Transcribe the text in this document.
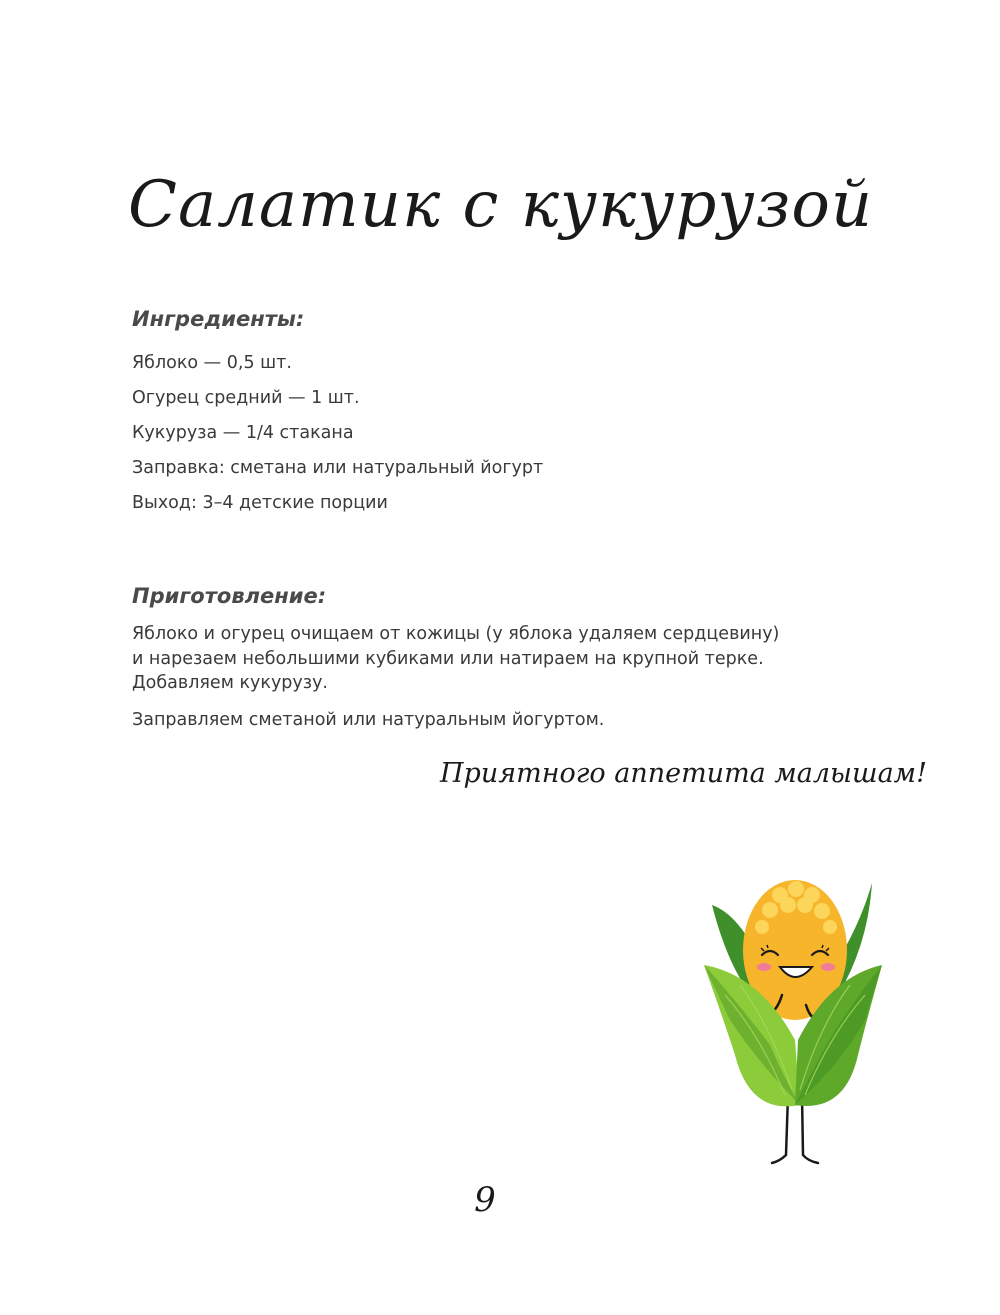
Салатик с кукурузой
Ингредиенты:
Яблоко — 0,5 шт.
Огурец средний — 1 шт.
Кукуруза — 1/4 стакана
Заправка: сметана или натуральный йогурт
Выход: 3–4 детские порции
Приготовление:

Яблоко и огурец очищаем от кожицы (у яблока удаляем сердцевину)
и нарезаем небольшими кубиками или натираем на крупной терке.
Добавляем кукурузу.

Заправляем сметаной или натуральным йогуртом.

Приятного аппетита малышам!
9
